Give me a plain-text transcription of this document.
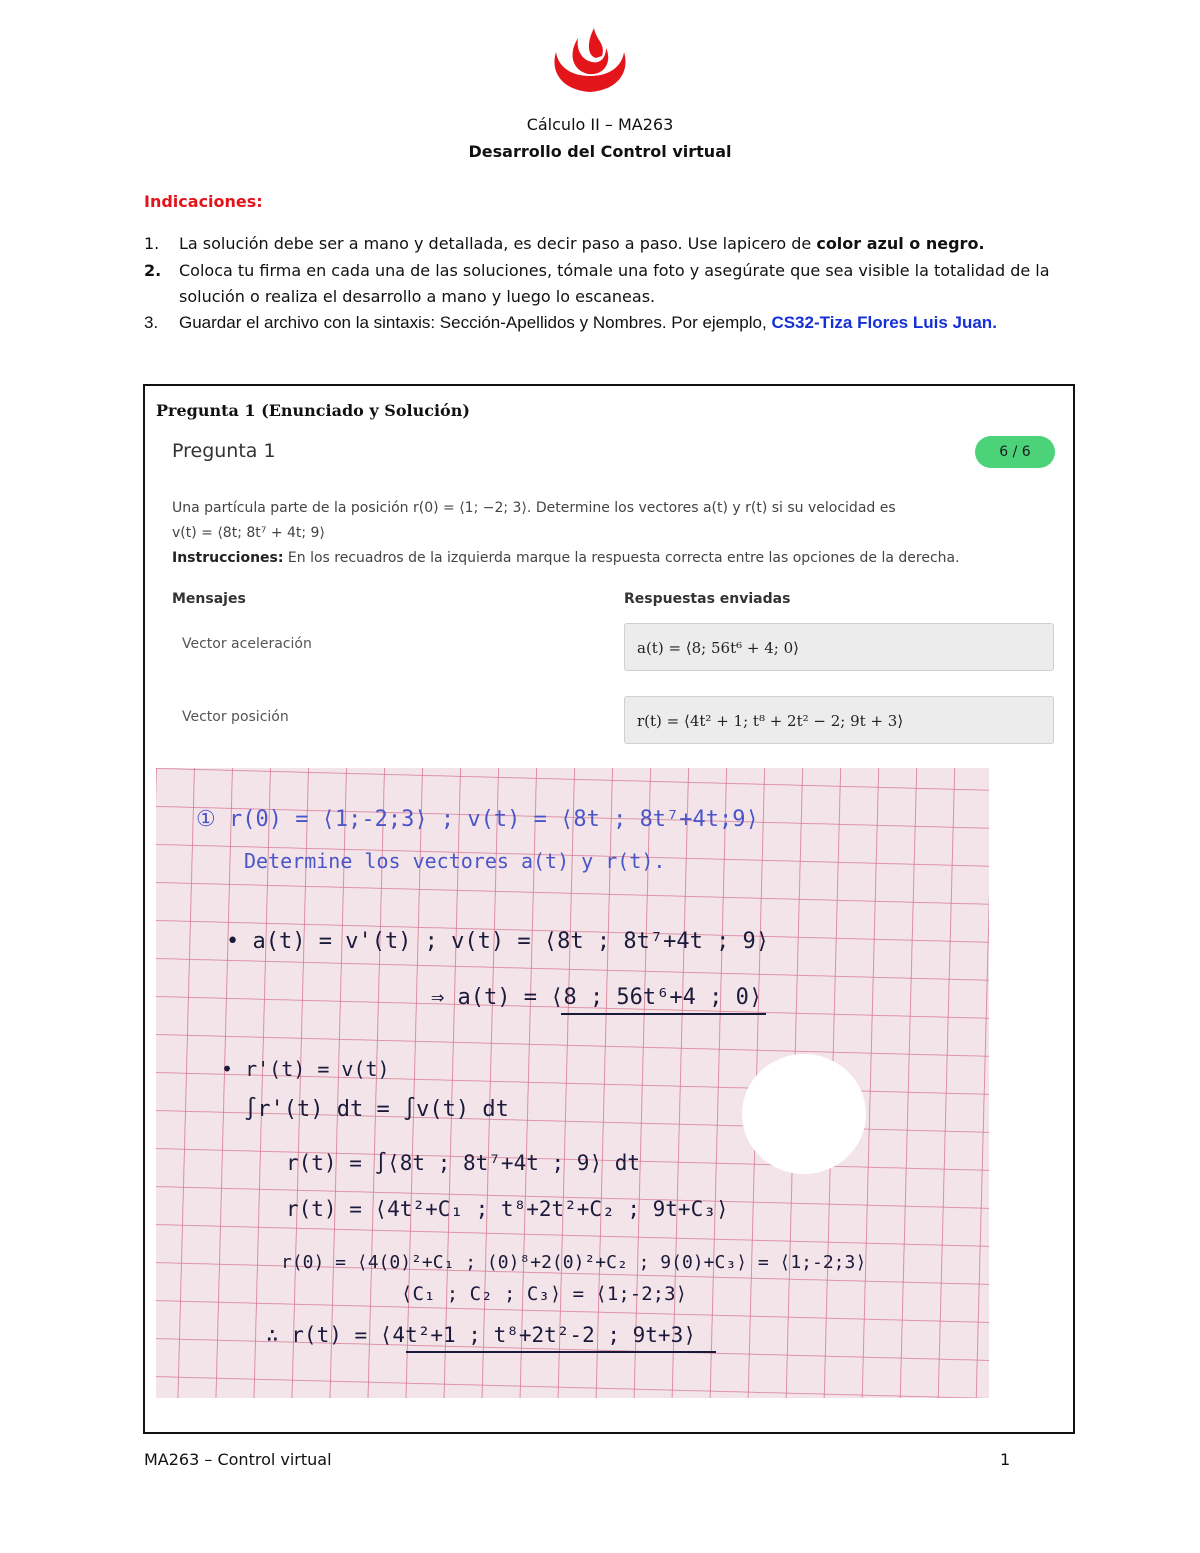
Cálculo II – MA263
Desarrollo del Control virtual
Indicaciones:
1. La solución debe ser a mano y detallada, es decir paso a paso. Use lapicero de color azul o negro.
2. Coloca tu firma en cada una de las soluciones, tómale una foto y asegúrate que sea visible la totalidad de la solución o realiza el desarrollo a mano y luego lo escaneas.
3. Guardar el archivo con la sintaxis: Sección-Apellidos y Nombres. Por ejemplo, CS32-Tiza Flores Luis Juan.
Pregunta 1 (Enunciado y Solución)
Pregunta 1	6 / 6
Una partícula parte de la posición r(0) = ⟨1; −2; 3⟩. Determine los vectores a(t) y r(t) si su velocidad es
v(t) = ⟨8t; 8t⁷ + 4t; 9⟩
Instrucciones: En los recuadros de la izquierda marque la respuesta correcta entre las opciones de la derecha.
Mensajes	Respuestas enviadas
Vector aceleración	a(t) = ⟨8; 56t⁶ + 4; 0⟩
Vector posición	r(t) = ⟨4t² + 1; t⁸ + 2t² − 2; 9t + 3⟩
① r(0) = ⟨1;-2;3⟩ ; v(t) = ⟨8t ; 8t⁷+4t;9⟩
Determine los vectores a(t) y r(t).
• a(t) = v'(t) ; v(t) = ⟨8t ; 8t⁷+4t ; 9⟩
⇒ a(t) = ⟨8 ; 56t⁶+4 ; 0⟩
• r'(t) = v(t)
∫r'(t) dt = ∫v(t) dt
r(t) = ∫⟨8t ; 8t⁷+4t ; 9⟩ dt
r(t) = ⟨4t²+C₁ ; t⁸+2t²+C₂ ; 9t+C₃⟩
r(0) = ⟨4(0)²+C₁ ; (0)⁸+2(0)²+C₂ ; 9(0)+C₃⟩ = ⟨1;-2;3⟩
⟨C₁ ; C₂ ; C₃⟩ = ⟨1;-2;3⟩
∴ r(t) = ⟨4t²+1 ; t⁸+2t²-2 ; 9t+3⟩
MA263 – Control virtual	1
